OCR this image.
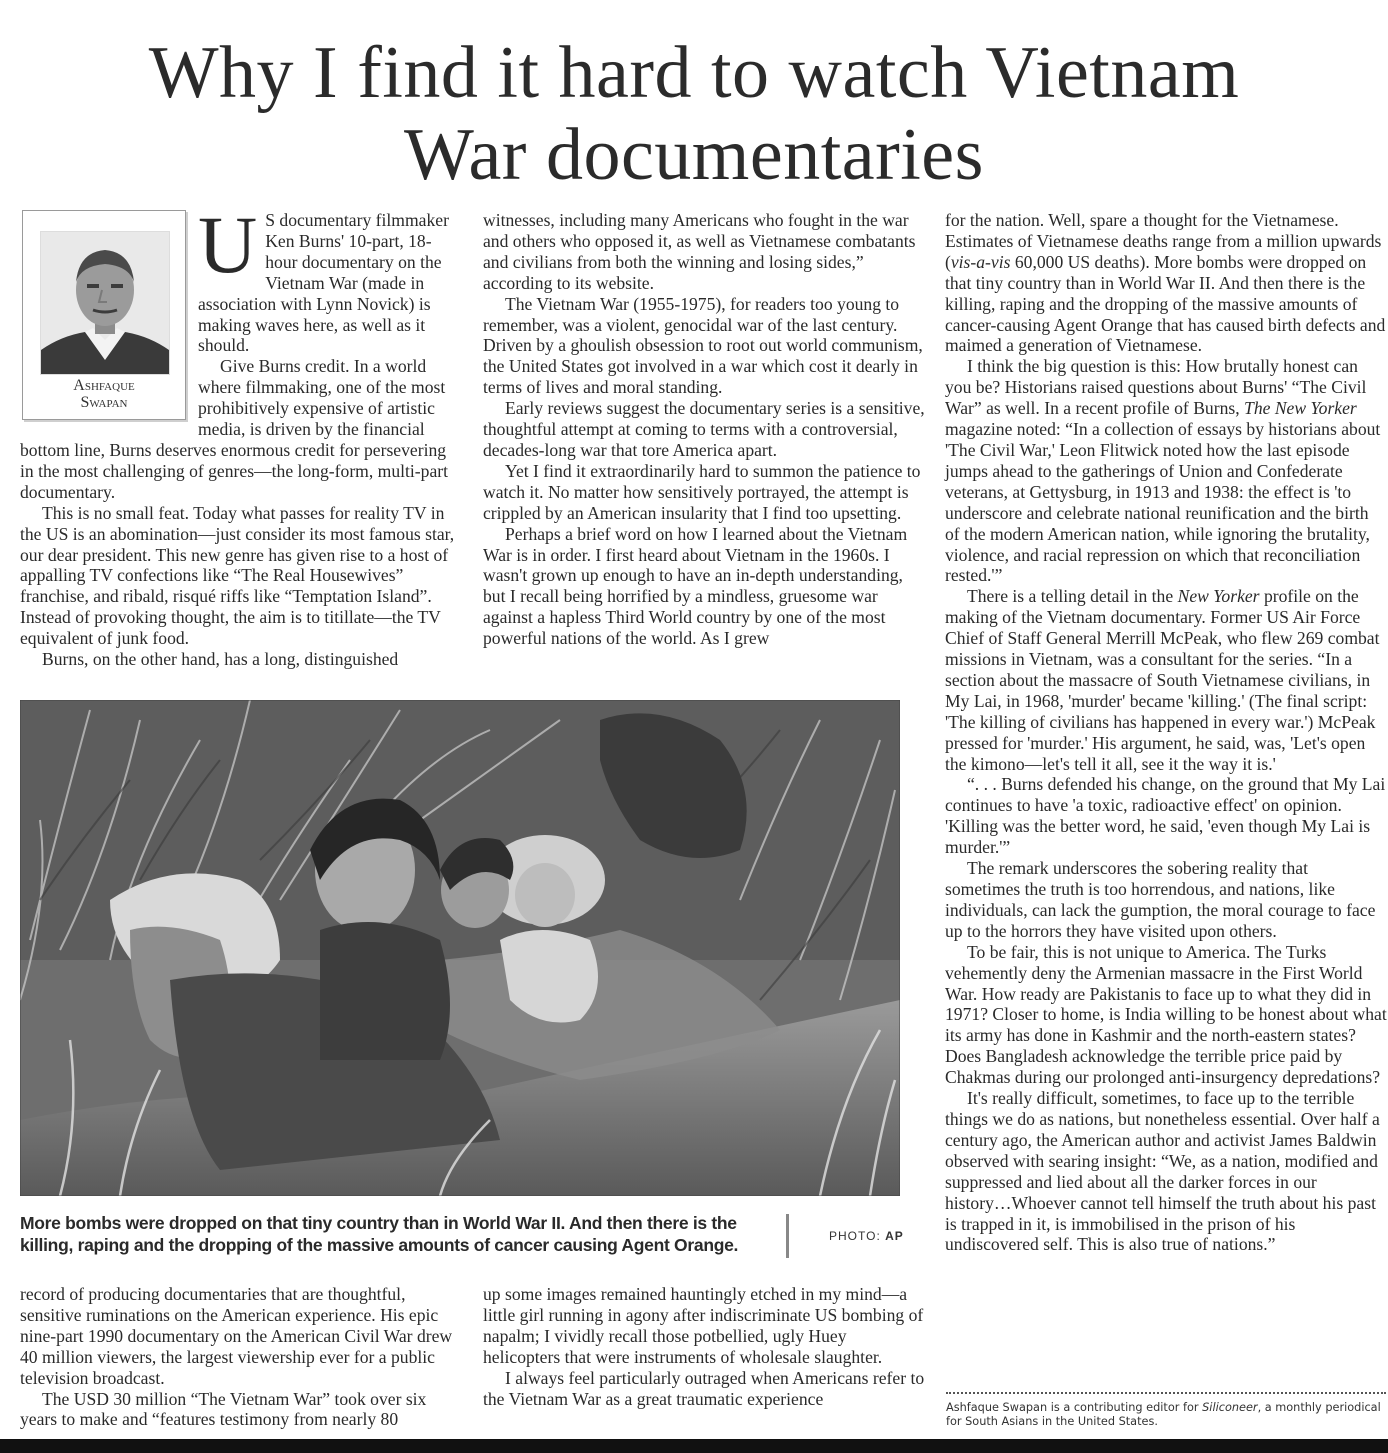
Why I find it hard to watch Vietnam
War documentaries
Ashfaque
Swapan

U S documentary filmmaker Ken Burns' 10-part, 18-hour documentary on the Vietnam War (made in association with Lynn Novick) is making waves here, as well as it should.

Give Burns credit. In a world where filmmaking, one of the most prohibitively expensive of artistic media, is driven by the financial bottom line, Burns deserves enormous credit for persevering in the most challenging of genres—the long-form, multi-part documentary.

This is no small feat. Today what passes for reality TV in the US is an abomination—just consider its most famous star, our dear president. This new genre has given rise to a host of appalling TV confections like “The Real Housewives” franchise, and ribald, risqué riffs like “Temptation Island”. Instead of provoking thought, the aim is to titillate—the TV equivalent of junk food.

Burns, on the other hand, has a long, distinguished

witnesses, including many Americans who fought in the war and others who opposed it, as well as Vietnamese combatants and civilians from both the winning and losing sides,” according to its website.

The Vietnam War (1955-1975), for readers too young to remember, was a violent, genocidal war of the last century. Driven by a ghoulish obsession to root out world communism, the United States got involved in a war which cost it dearly in terms of lives and moral standing.

Early reviews suggest the documentary series is a sensitive, thoughtful attempt at coming to terms with a controversial, decades-long war that tore America apart.

Yet I find it extraordinarily hard to summon the patience to watch it. No matter how sensitively portrayed, the attempt is crippled by an American insularity that I find too upsetting.

Perhaps a brief word on how I learned about the Vietnam War is in order. I first heard about Vietnam in the 1960s. I wasn't grown up enough to have an in-depth understanding, but I recall being horrified by a mindless, gruesome war against a hapless Third World country by one of the most powerful nations of the world. As I grew

for the nation. Well, spare a thought for the Vietnamese. Estimates of Vietnamese deaths range from a million upwards (vis-a-vis 60,000 US deaths). More bombs were dropped on that tiny country than in World War II. And then there is the killing, raping and the dropping of the massive amounts of cancer-causing Agent Orange that has caused birth defects and maimed a generation of Vietnamese.

I think the big question is this: How brutally honest can you be? Historians raised questions about Burns' “The Civil War” as well. In a recent profile of Burns, The New Yorker magazine noted: “In a collection of essays by historians about 'The Civil War,' Leon Flitwick noted how the last episode jumps ahead to the gatherings of Union and Confederate veterans, at Gettysburg, in 1913 and 1938: the effect is 'to underscore and celebrate national reunification and the birth of the modern American nation, while ignoring the brutality, violence, and racial repression on which that reconciliation rested.'”

There is a telling detail in the New Yorker profile on the making of the Vietnam documentary. Former US Air Force Chief of Staff General Merrill McPeak, who flew 269 combat missions in Vietnam, was a consultant for the series. “In a section about the massacre of South Vietnamese civilians, in My Lai, in 1968, 'murder' became 'killing.' (The final script: 'The killing of civilians has happened in every war.') McPeak pressed for 'murder.' His argument, he said, was, 'Let's open the kimono—let's tell it all, see it the way it is.'

“. . . Burns defended his change, on the ground that My Lai continues to have 'a toxic, radioactive effect' on opinion. 'Killing was the better word, he said, 'even though My Lai is murder.'”

The remark underscores the sobering reality that sometimes the truth is too horrendous, and nations, like individuals, can lack the gumption, the moral courage to face up to the horrors they have visited upon others.

To be fair, this is not unique to America. The Turks vehemently deny the Armenian massacre in the First World War. How ready are Pakistanis to face up to what they did in 1971? Closer to home, is India willing to be honest about what its army has done in Kashmir and the north-eastern states? Does Bangladesh acknowledge the terrible price paid by Chakmas during our prolonged anti-insurgency depredations?

It's really difficult, sometimes, to face up to the terrible things we do as nations, but nonetheless essential. Over half a century ago, the American author and activist James Baldwin observed with searing insight: “We, as a nation, modified and suppressed and lied about all the darker forces in our history…Whoever cannot tell himself the truth about his past is trapped in it, is immobilised in the prison of his undiscovered self. This is also true of nations.”

More bombs were dropped on that tiny country than in World War II. And then there is the
killing, raping and the dropping of the massive amounts of cancer causing Agent Orange.	PHOTO: AP

record of producing documentaries that are thoughtful, sensitive ruminations on the American experience. His epic nine-part 1990 documentary on the American Civil War drew 40 million viewers, the largest viewership ever for a public television broadcast.

The USD 30 million “The Vietnam War” took over six years to make and “features testimony from nearly 80

up some images remained hauntingly etched in my mind—a little girl running in agony after indiscriminate US bombing of napalm; I vividly recall those potbellied, ugly Huey helicopters that were instruments of wholesale slaughter.

I always feel particularly outraged when Americans refer to the Vietnam War as a great traumatic experience	Ashfaque Swapan is a contributing editor for Siliconeer, a monthly periodical for South Asians in the United States.
